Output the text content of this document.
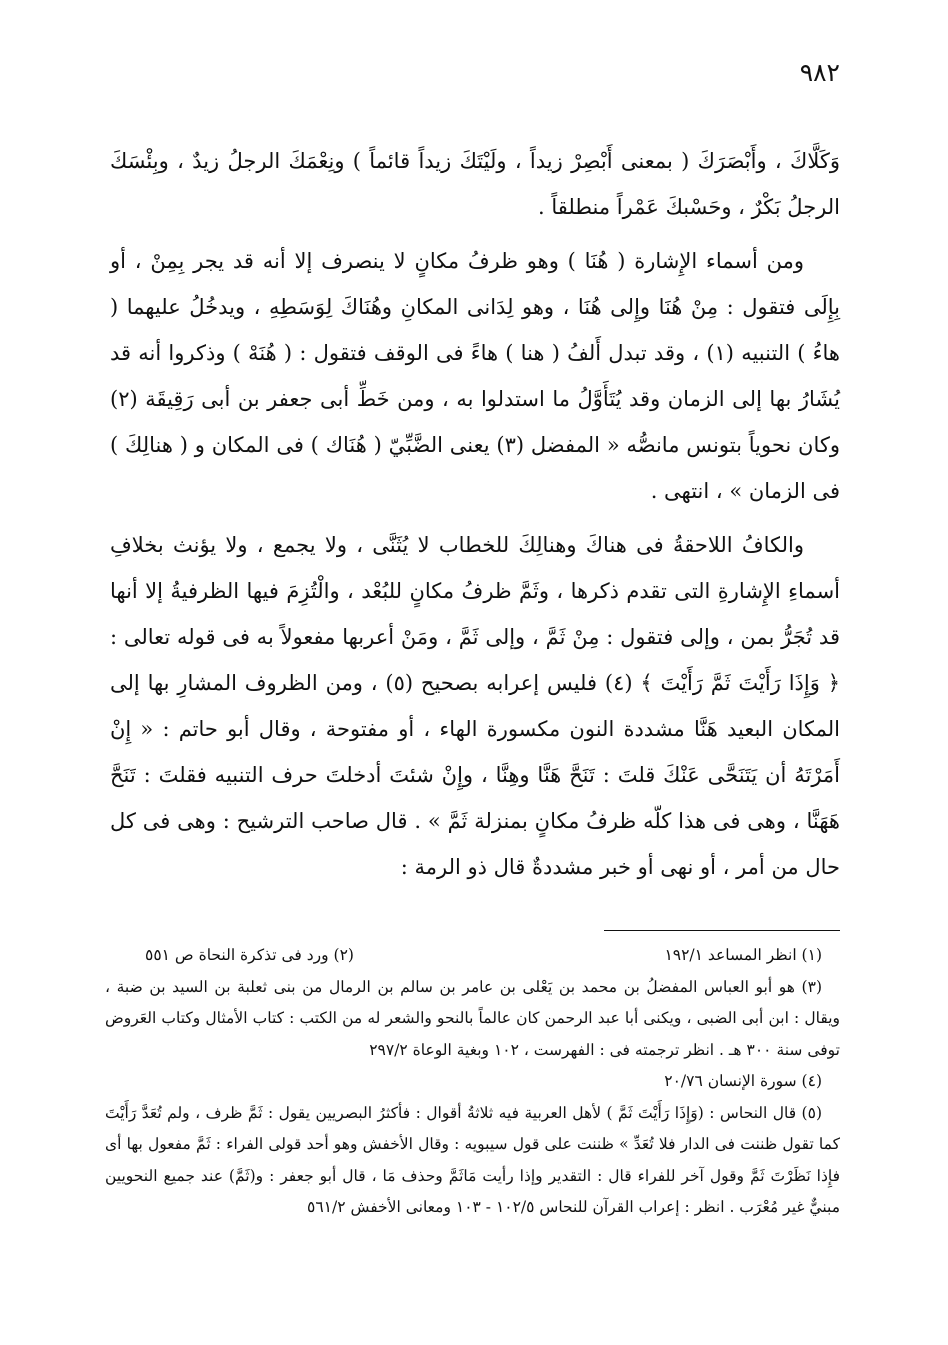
٩٨٢

وَكَلَّاكَ ، وأَبْصَرَكَ ( بمعنى أَبْصِرْ زيداً ، ولَيْتَكَ زيداً قائماً ) ونِعْمَكَ الرجلُ زيدٌ ، وبِئْسَكَ الرجلُ بَكْرٌ ، وحَسْبكَ عَمْراً منطلقاً .

ومن أسماء الإِشارة ( هُنَا ) وهو ظرفُ مكانٍ لا ينصرف إلا أنه قد يجر بِمِنْ ، أو بِإِلَى فتقول : مِنْ هُنَا وإِلى هُنَا ، وهو لِدَانى المكانِ وهُنَاكَ لِوَسَطِهِ ، ويدخُلُ عليهما ( هاءُ ) التنبيه (١) ، وقد تبدل أَلفُ ( هنا ) هاءً فى الوقف فتقول : ( هُنَهْ ) وذكروا أنه قد يُشَارُ بها إلى الزمان وقد يُتَأَوَّلُ ما استدلوا به ، ومن خَطِّ أبى جعفر بن أبى رَقِيقَة (٢) وكان نحوياً بتونس مانصُّه « المفضل (٣) يعنى الضَّبِّيّ ( هُنَاك ) فى المكان و ( هنالِكَ ) فى الزمان » ، انتهى .

والكافُ اللاحقةُ فى هناكَ وهنالِكَ للخطاب لا يُثَنَّى ، ولا يجمع ، ولا يؤنث بخلافِ أسماءِ الإِشارةِ التى تقدم ذكرها ، وثَمَّ ظرفُ مكانٍ للبُعْد ، والْتُزِمَ فيها الظرفيةُ إلا أنها قد تُجَرُّ بمن ، وإلى فتقول : مِنْ ثَمَّ ، وإلى ثَمَّ ، ومَنْ أعربها مفعولاً به فى قوله تعالى : ﴿ وَإِذَا رَأَيْتَ ثَمَّ رَأَيْتَ ﴾ (٤) فليس إعرابه بصحيح (٥) ، ومن الظروف المشارِ بها إلى المكان البعيد هَنَّا مشددة النون مكسورة الهاء ، أو مفتوحة ، وقال أبو حاتم : « إِنْ أَمَرْتَهُ أن يَتَنَحَّى عَنْكَ قلتَ : تَنَحَّ هَنَّا وهِنَّا ، وإِنْ شئتَ أدخلتَ حرف التنبيه فقلتَ : تَنَحَّ هَهَنَّا ، وهى فى هذا كلّه ظرفُ مكانٍ بمنزلة ثَمَّ » . قال صاحب الترشيح : وهى فى كل حال من أمر ، أو نهى أو خبر مشددةٌ قال ذو الرمة :

(١) انظر المساعد ١٩٢/١
(٢) ورد فى تذكرة النحاة ص ٥٥١

(٣) هو أبو العباس المفضلُ بن محمد بن يَعْلى بن عامر بن سالم بن الرمال من بنى ثعلبة بن السيد بن ضبة ، ويقال : ابن أبى الضبى ، ويكنى أبا عبد الرحمن كان عالماً بالنحو والشعر له من الكتب : كتاب الأمثال وكتاب العَروض توفى سنة ٣٠٠ هـ . انظر ترجمته فى : الفهرست ، ١٠٢ وبغية الوعاة ٢٩٧/٢

(٤) سورة الإنسان ٢٠/٧٦

(٥) قال النحاس : (وَإِذَا رَأَيْتَ ثَمَّ ) لأهل العربية فيه ثلاثةُ أقوال : فأكثرُ البصريين يقول : ثَمَّ ظرف ، ولم تُعَدَّ رَأَيْتَ كما تقول ظننت فى الدار فلا تُعَدِّ » ظننت على قول سيبويه : وقال الأخفش وهو أحد قولى الفراء : ثَمَّ مفعول بها أى فإِذا نَظَرْتَ ثَمَّ وقول آخر للفراء قال : التقدير وإذا رأيت مَاثَمَّ وحذف مَا ، قال أبو جعفر : و(ثَمَّ) عند جميع النحويين مبنيٌّ غير مُعْرَب . انظر : إعراب القرآن للنحاس ١٠٢/٥ - ١٠٣ ومعانى الأخفش ٥٦١/٢
